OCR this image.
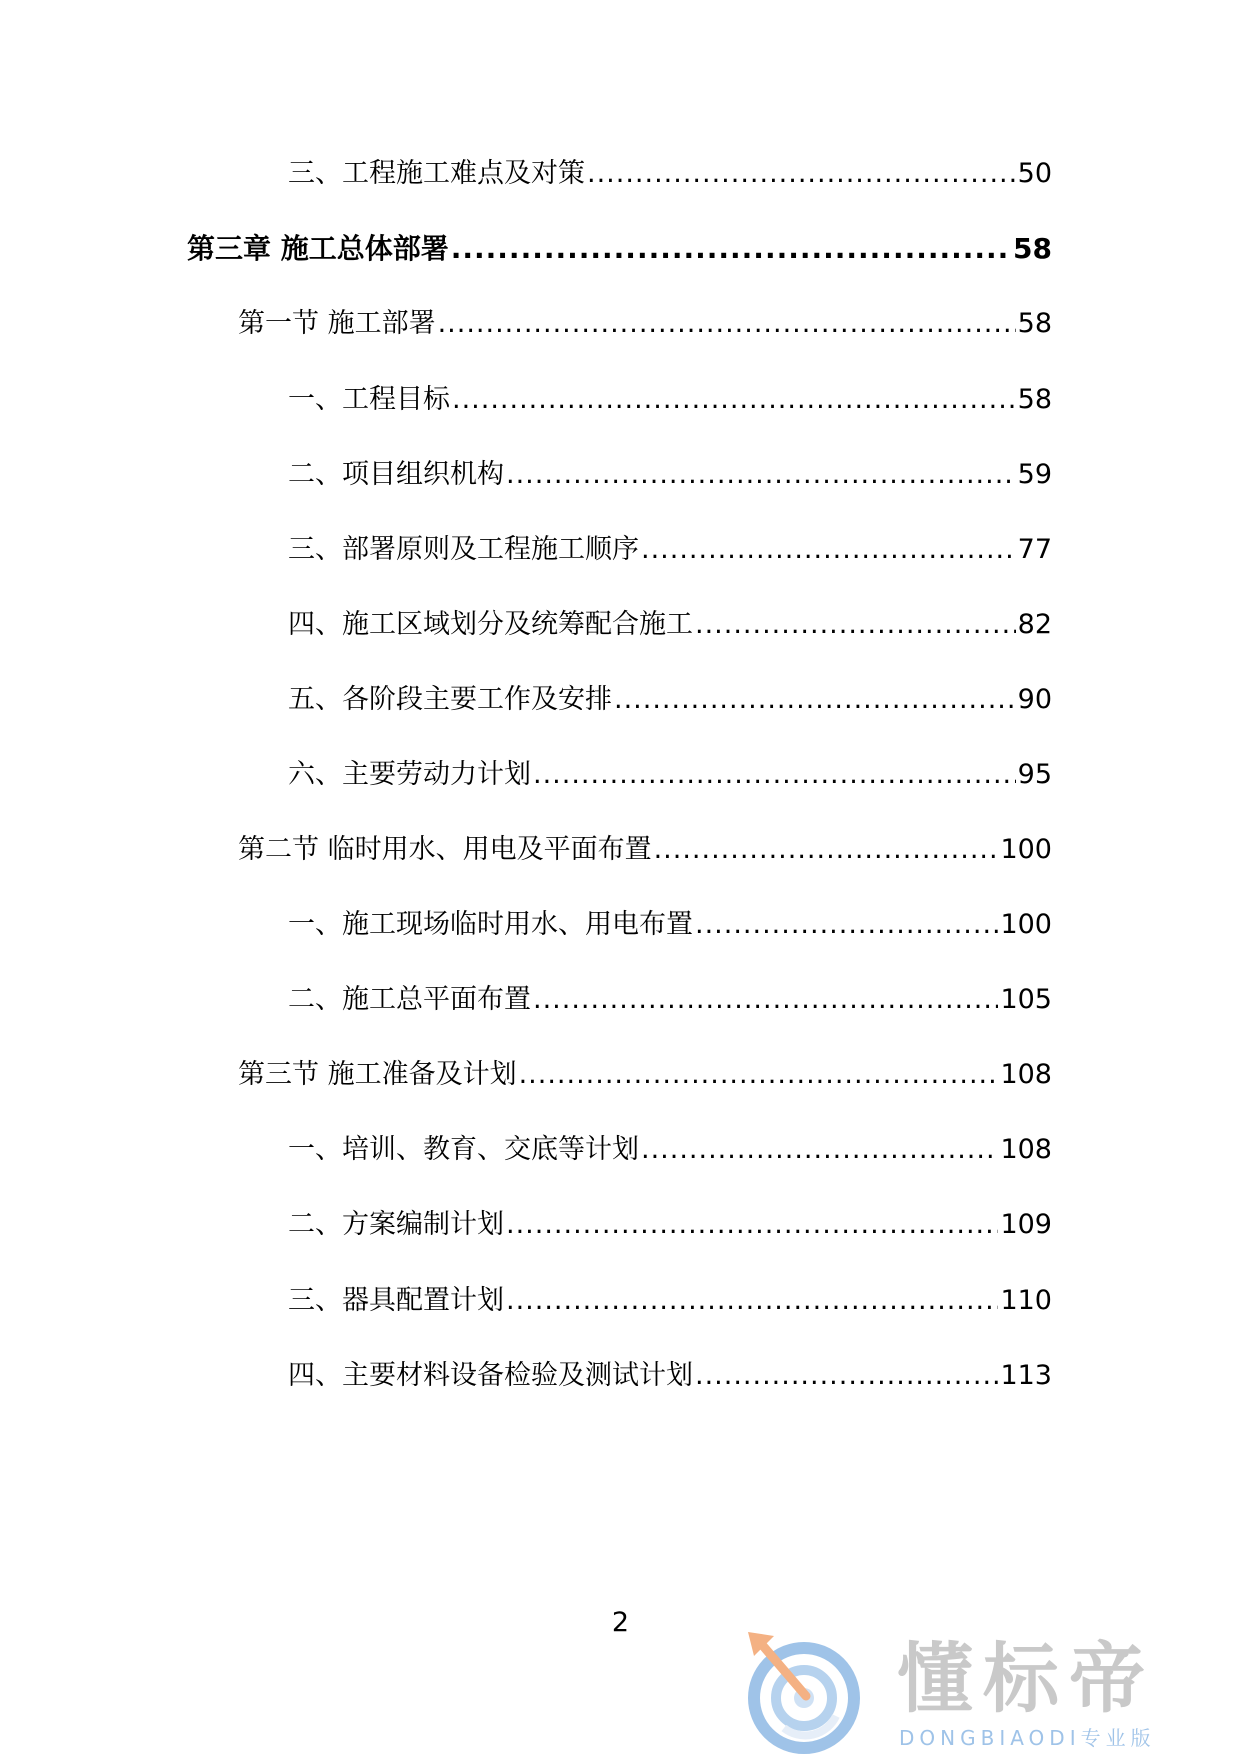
三、工程施工难点及对策 .....	50
第三章 施工总体部署 .....	58
第一节 施工部署 .....	58
一、工程目标 .....	58
二、项目组织机构 .....	59
三、部署原则及工程施工顺序 .....	77
四、施工区域划分及统筹配合施工 .....	82
五、各阶段主要工作及安排 .....	90
六、主要劳动力计划 .....	95
第二节 临时用水、用电及平面布置 .....	100
一、施工现场临时用水、用电布置 .....	100
二、施工总平面布置 .....	105
第三节 施工准备及计划 .....	108
一、培训、教育、交底等计划 .....	108
二、方案编制计划 .....	109
三、器具配置计划 .....	110
四、主要材料设备检验及测试计划 .....	113
2
懂标帝
DONGBIAODI专业版
